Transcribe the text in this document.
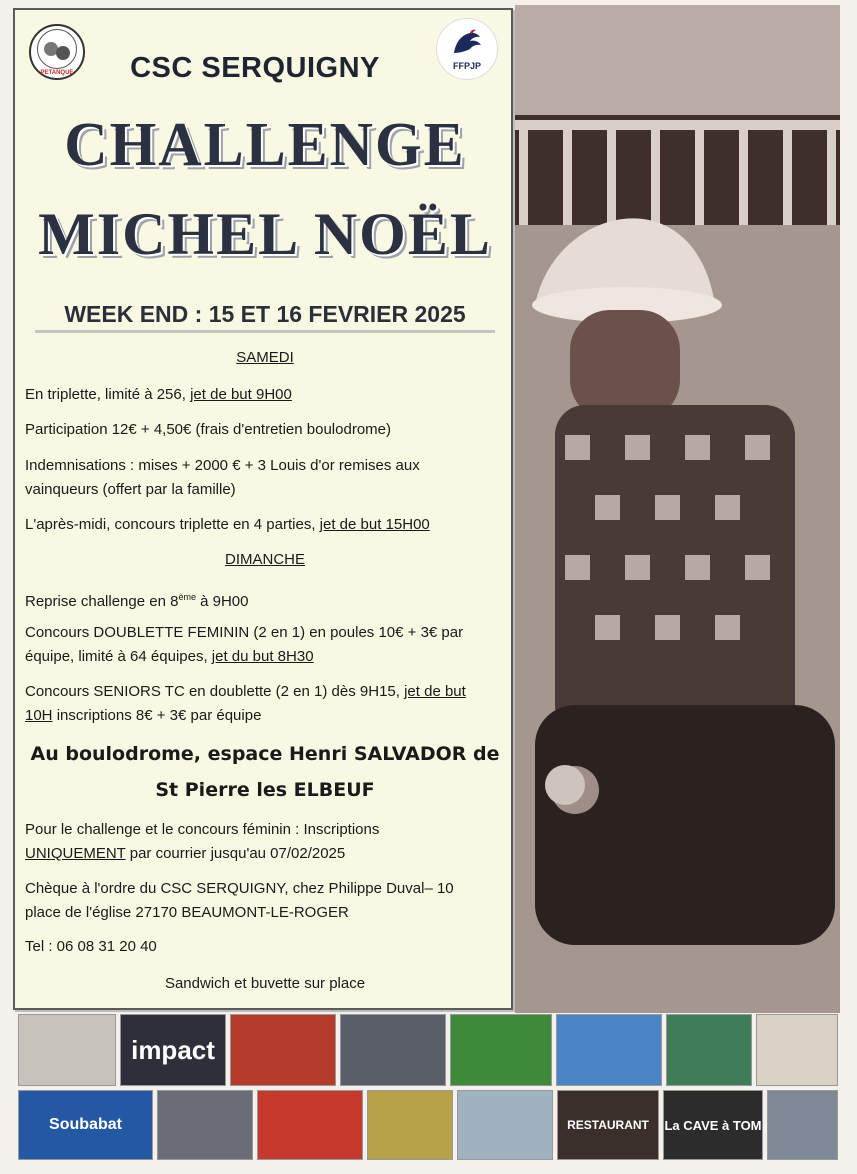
PETANQUE
FFPJP
CSC SERQUIGNY
CHALLENGE
MICHEL NOËL
WEEK END : 15 ET 16 FEVRIER 2025
SAMEDI
En triplette, limité à 256, jet de but 9H00
Participation 12€ + 4,50€ (frais d'entretien boulodrome)
Indemnisations : mises + 2000 € + 3 Louis d'or remises aux
vainqueurs (offert par la famille)
L'après-midi, concours triplette en 4 parties, jet de but 15H00
DIMANCHE
Reprise challenge en 8ème à 9H00
Concours DOUBLETTE FEMININ (2 en 1) en poules 10€ + 3€ par
équipe, limité à 64 équipes, jet du but 8H30
Concours SENIORS TC en doublette (2 en 1) dès 9H15, jet de but
10H inscriptions 8€ + 3€ par équipe
Au boulodrome, espace Henri SALVADOR de
St Pierre les ELBEUF
Pour le challenge et le concours féminin : Inscriptions
UNIQUEMENT par courrier jusqu'au 07/02/2025
Chèque à l'ordre du CSC SERQUIGNY, chez Philippe Duval– 10
place de l'église 27170 BEAUMONT-LE-ROGER
Tel : 06 08 31 20 40
Sandwich et buvette sur place
impact
Soubabat	RESTAURANT La CAVE à TOM
